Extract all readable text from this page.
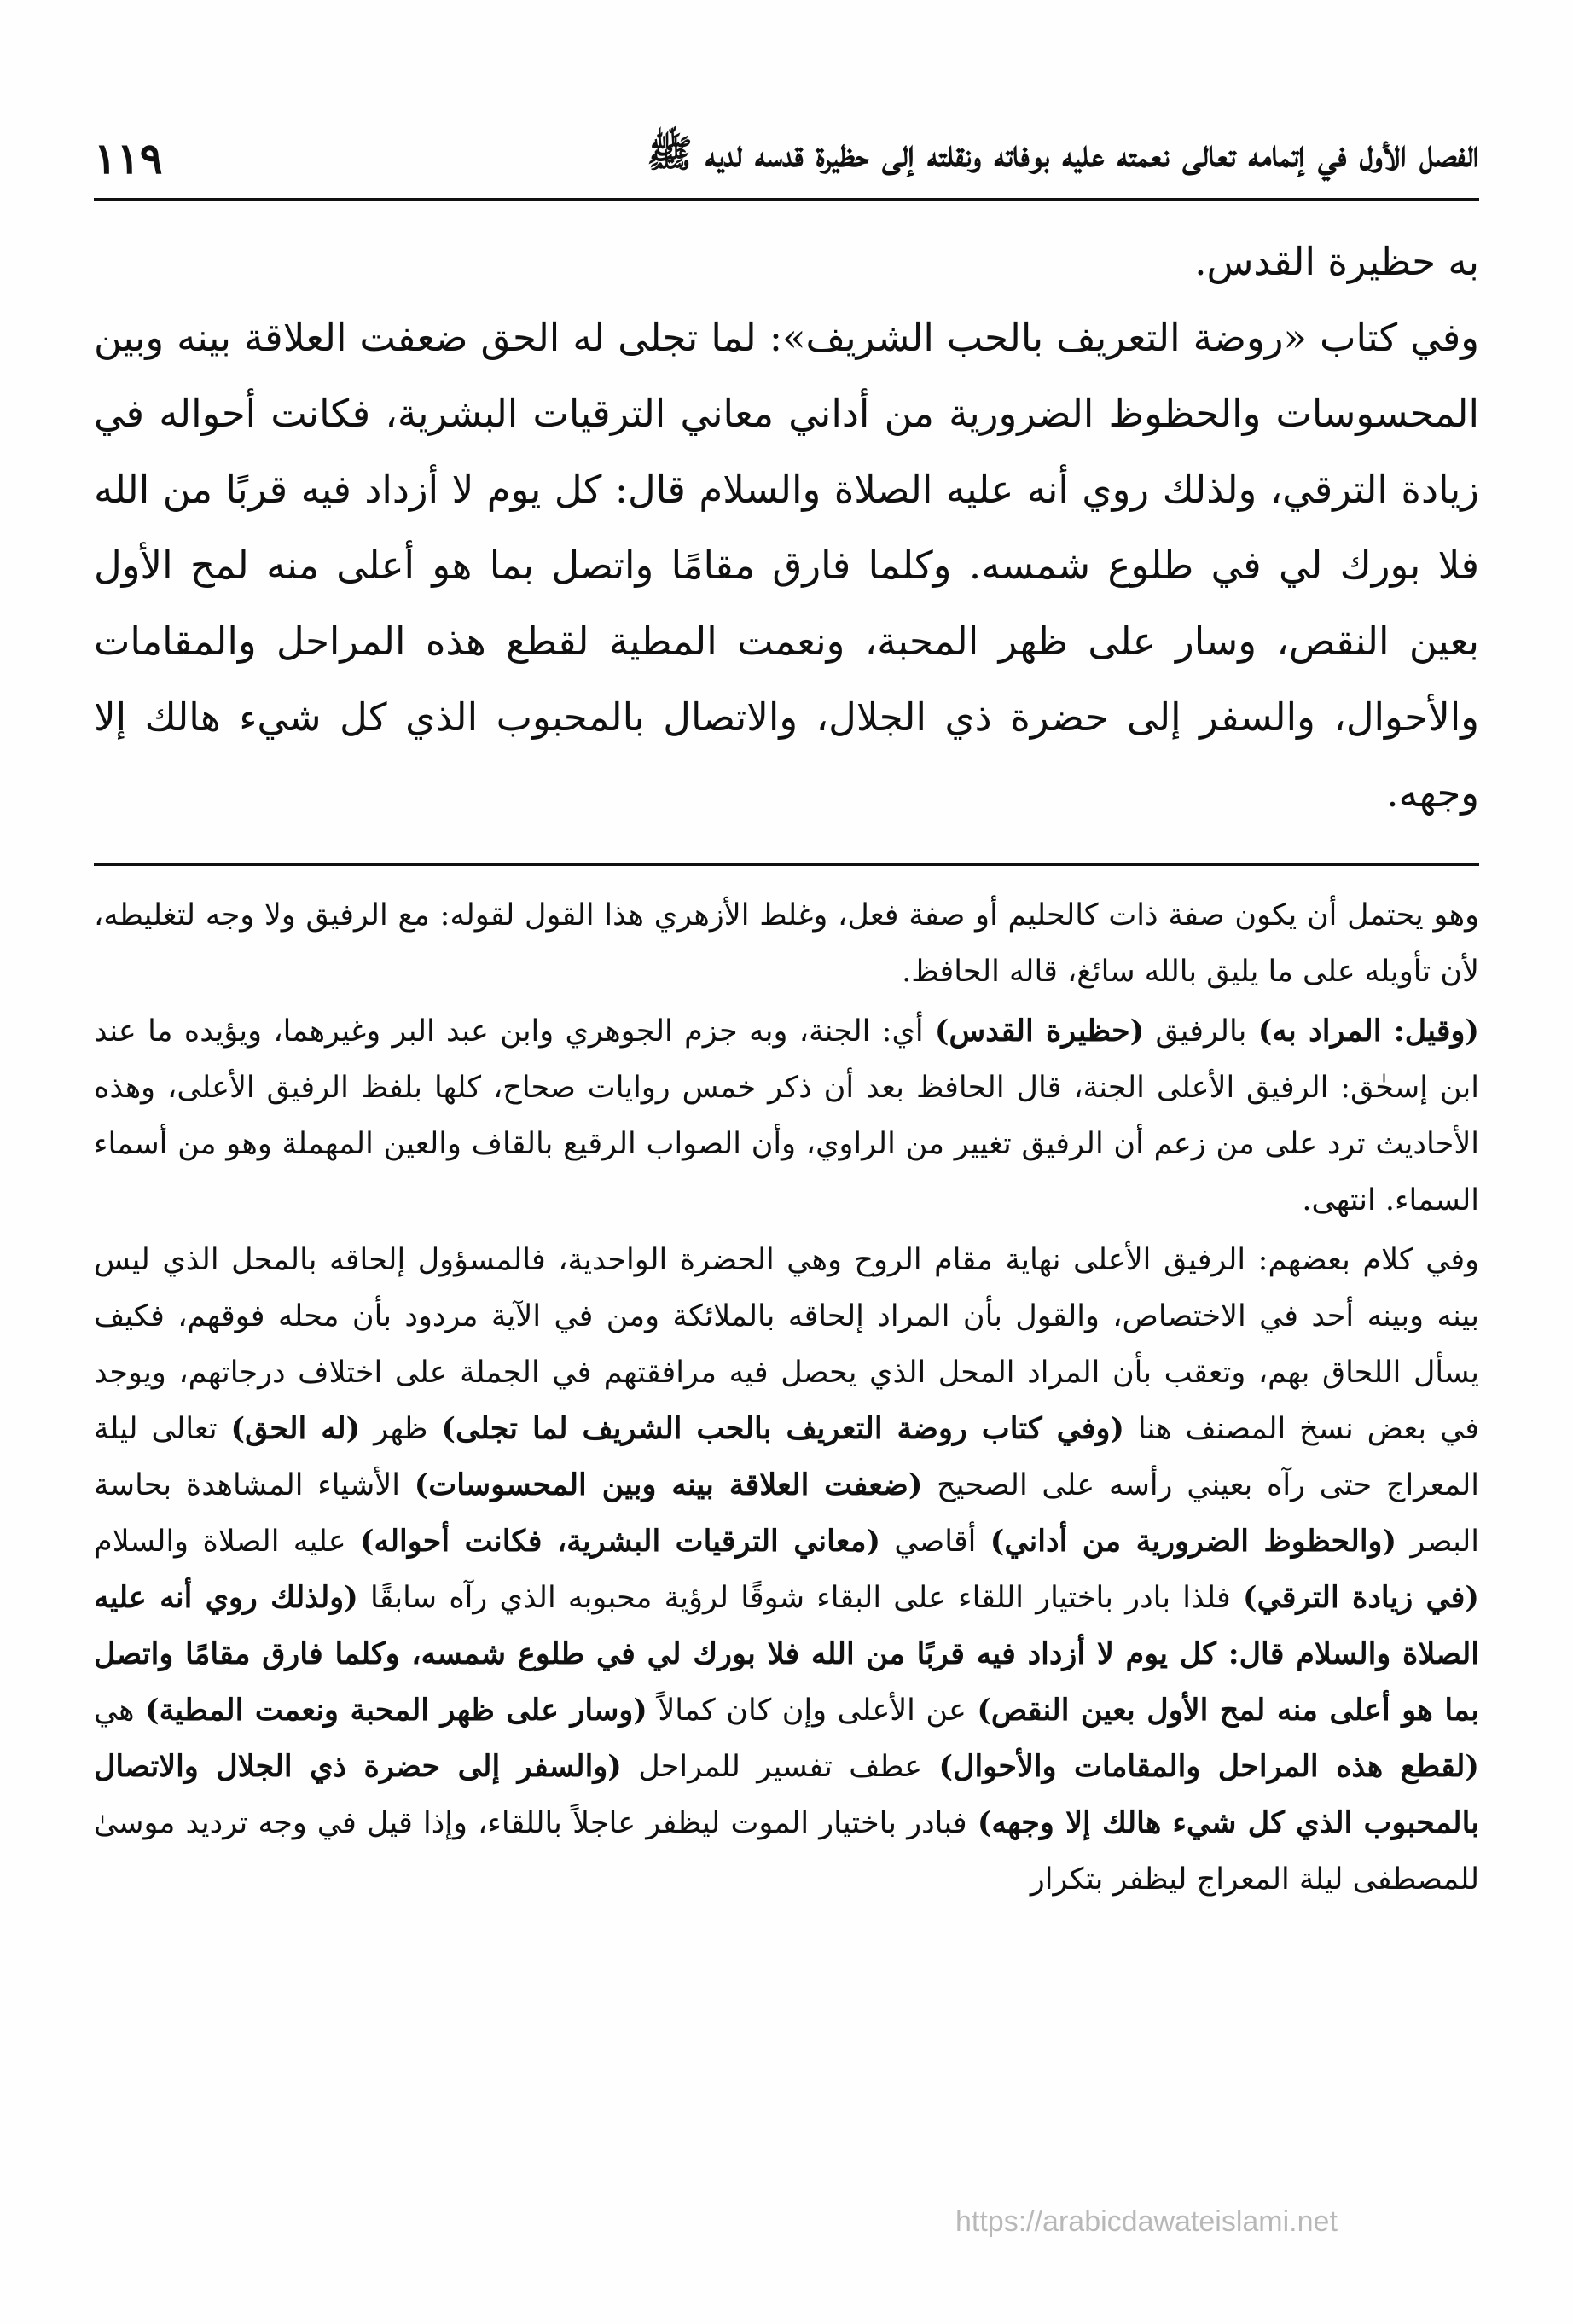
الفصل الأول في إتمامه تعالى نعمته عليه بوفاته ونقلته إلى حظيرة قدسه لديه ﷺ
١١٩

به حظيرة القدس.

وفي كتاب «روضة التعريف بالحب الشريف»: لما تجلى له الحق ضعفت العلاقة بينه وبين المحسوسات والحظوظ الضرورية من أداني معاني الترقيات البشرية، فكانت أحواله في زيادة الترقي، ولذلك روي أنه عليه الصلاة والسلام قال: كل يوم لا أزداد فيه قربًا من الله فلا بورك لي في طلوع شمسه. وكلما فارق مقامًا واتصل بما هو أعلى منه لمح الأول بعين النقص، وسار على ظهر المحبة، ونعمت المطية لقطع هذه المراحل والمقامات والأحوال، والسفر إلى حضرة ذي الجلال، والاتصال بالمحبوب الذي كل شيء هالك إلا وجهه.

وهو يحتمل أن يكون صفة ذات كالحليم أو صفة فعل، وغلط الأزهري هذا القول لقوله: مع الرفيق ولا وجه لتغليطه، لأن تأويله على ما يليق بالله سائغ، قاله الحافظ.

(وقيل: المراد به) بالرفيق (حظيرة القدس) أي: الجنة، وبه جزم الجوهري وابن عبد البر وغيرهما، ويؤيده ما عند ابن إسحٰق: الرفيق الأعلى الجنة، قال الحافظ بعد أن ذكر خمس روايات صحاح، كلها بلفظ الرفيق الأعلى، وهذه الأحاديث ترد على من زعم أن الرفيق تغيير من الراوي، وأن الصواب الرقيع بالقاف والعين المهملة وهو من أسماء السماء. انتهى.

وفي كلام بعضهم: الرفيق الأعلى نهاية مقام الروح وهي الحضرة الواحدية، فالمسؤول إلحاقه بالمحل الذي ليس بينه وبينه أحد في الاختصاص، والقول بأن المراد إلحاقه بالملائكة ومن في الآية مردود بأن محله فوقهم، فكيف يسأل اللحاق بهم، وتعقب بأن المراد المحل الذي يحصل فيه مرافقتهم في الجملة على اختلاف درجاتهم، ويوجد في بعض نسخ المصنف هنا (وفي كتاب روضة التعريف بالحب الشريف لما تجلى) ظهر (له الحق) تعالى ليلة المعراج حتى رآه بعيني رأسه على الصحيح (ضعفت العلاقة بينه وبين المحسوسات) الأشياء المشاهدة بحاسة البصر (والحظوظ الضرورية من أداني) أقاصي (معاني الترقيات البشرية، فكانت أحواله) عليه الصلاة والسلام (في زيادة الترقي) فلذا بادر باختيار اللقاء على البقاء شوقًا لرؤية محبوبه الذي رآه سابقًا (ولذلك روي أنه عليه الصلاة والسلام قال: كل يوم لا أزداد فيه قربًا من الله فلا بورك لي في طلوع شمسه، وكلما فارق مقامًا واتصل بما هو أعلى منه لمح الأول بعين النقص) عن الأعلى وإن كان كمالاً (وسار على ظهر المحبة ونعمت المطية) هي (لقطع هذه المراحل والمقامات والأحوال) عطف تفسير للمراحل (والسفر إلى حضرة ذي الجلال والاتصال بالمحبوب الذي كل شيء هالك إلا وجهه) فبادر باختيار الموت ليظفر عاجلاً باللقاء، وإذا قيل في وجه ترديد موسىٰ للمصطفى ليلة المعراج ليظفر بتكرار

https://arabicdawateislami.net
